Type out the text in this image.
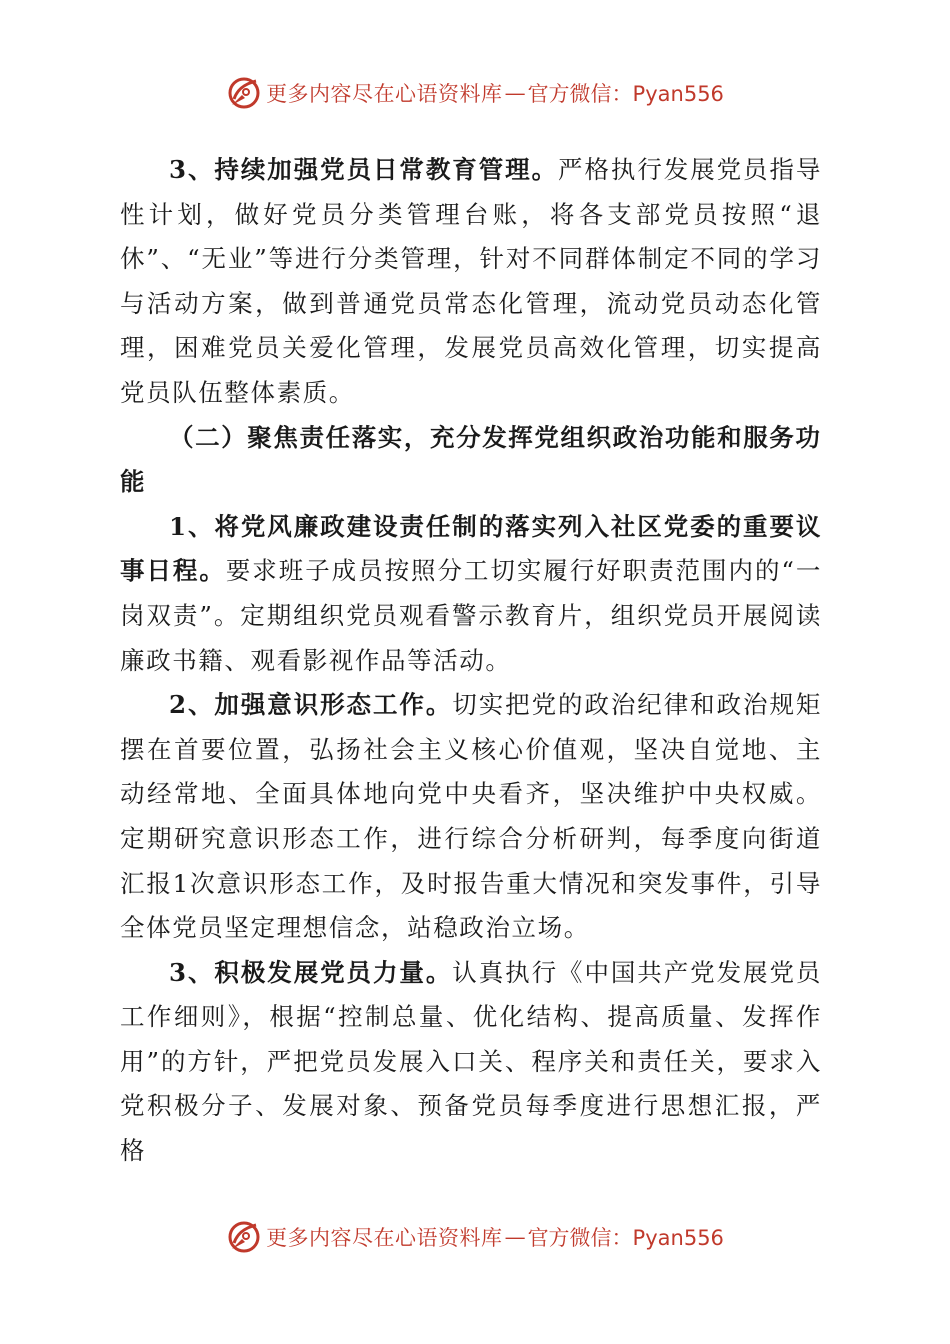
更多内容尽在心语资料库 — 官方微信：Pyan556

3、持续加强党员日常教育管理。严格执行发展党员指导性计划，做好党员分类管理台账，将各支部党员按照“退休”、“无业”等进行分类管理，针对不同群体制定不同的学习与活动方案，做到普通党员常态化管理，流动党员动态化管理，困难党员关爱化管理，发展党员高效化管理，切实提高党员队伍整体素质。

（二）聚焦责任落实，充分发挥党组织政治功能和服务功能

1、将党风廉政建设责任制的落实列入社区党委的重要议事日程。要求班子成员按照分工切实履行好职责范围内的“一岗双责”。定期组织党员观看警示教育片，组织党员开展阅读廉政书籍、观看影视作品等活动。

2、加强意识形态工作。切实把党的政治纪律和政治规矩摆在首要位置，弘扬社会主义核心价值观，坚决自觉地、主动经常地、全面具体地向党中央看齐，坚决维护中央权威。定期研究意识形态工作，进行综合分析研判，每季度向街道汇报1次意识形态工作，及时报告重大情况和突发事件，引导全体党员坚定理想信念，站稳政治立场。

3、积极发展党员力量。认真执行《中国共产党发展党员工作细则》，根据“控制总量、优化结构、提高质量、发挥作用”的方针，严把党员发展入口关、程序关和责任关，要求入党积极分子、发展对象、预备党员每季度进行思想汇报，严格

更多内容尽在心语资料库 — 官方微信：Pyan556
